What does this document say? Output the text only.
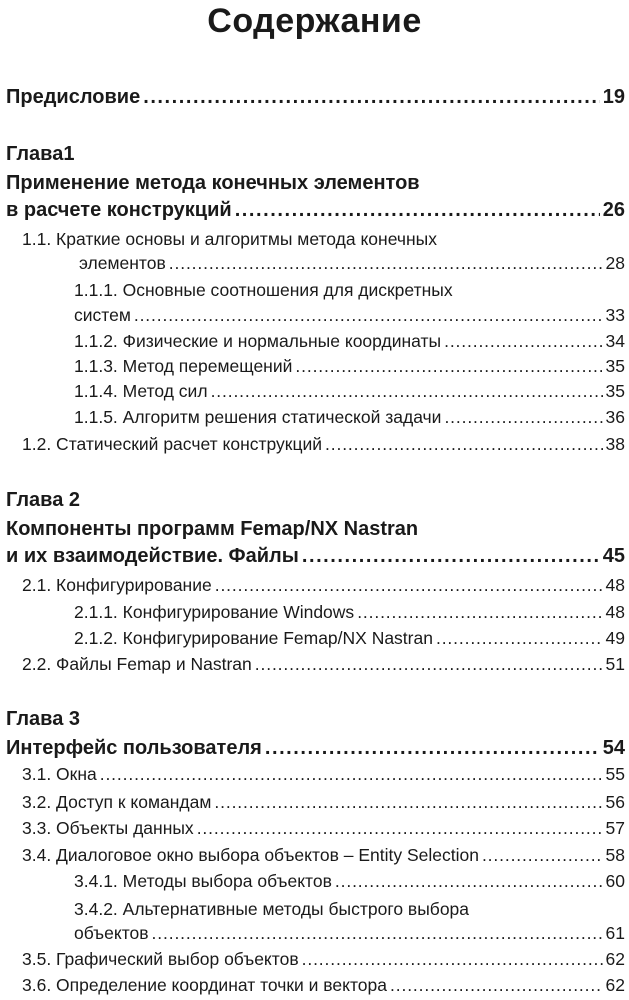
Содержание
Предисловие . . .	19
Глава1
Применение метода конечных элементов
в расчете конструкций . . .	26
1.1. Краткие основы и алгоритмы метода конечных
элементов . . .	28
1.1.1. Основные соотношения для дискретных
систем . . .	33
1.1.2. Физические и нормальные координаты . . .	34
1.1.3. Метод перемещений . . .	35
1.1.4. Метод сил . . .	35
1.1.5. Алгоритм решения статической задачи . . .	36
1.2. Статический расчет конструкций . . .	38
Глава 2
Компоненты программ Femap/NX Nastran
и их взаимодействие. Файлы . . .	45
2.1. Конфигурирование . . .	48
2.1.1. Конфигурирование Windows . . .	48
2.1.2. Конфигурирование Femap/NX Nastran . . .	49
2.2. Файлы Femap и Nastran . . .	51
Глава 3
Интерфейс пользователя . . .	54
3.1. Окна . . .	55
3.2. Доступ к командам . . .	56
3.3. Объекты данных . . .	57
3.4. Диалоговое окно выбора объектов – Entity Selection . . .	58
3.4.1. Методы выбора объектов . . .	60
3.4.2. Альтернативные методы быстрого выбора
объектов . . .	61
3.5. Графический выбор объектов . . .	62
3.6. Определение координат точки и вектора . . .	62
